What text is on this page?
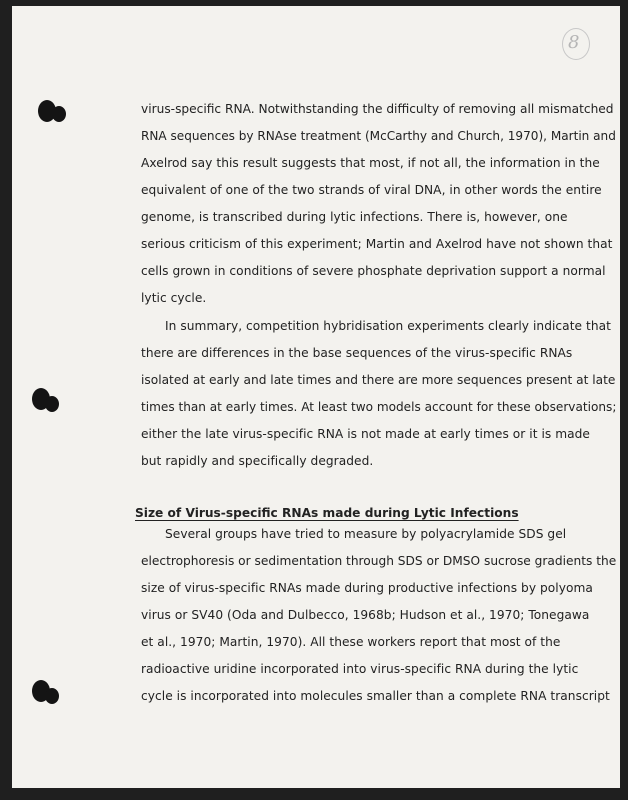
8

virus-specific RNA. Notwithstanding the difficulty of removing all mismatched

RNA sequences by RNAse treatment (McCarthy and Church, 1970), Martin and

Axelrod say this result suggests that most, if not all, the information in the

equivalent of one of the two strands of viral DNA, in other words the entire

genome, is transcribed during lytic infections. There is, however, one

serious criticism of this experiment; Martin and Axelrod have not shown that

cells grown in conditions of severe phosphate deprivation support a normal

lytic cycle.

In summary, competition hybridisation experiments clearly indicate that

there are differences in the base sequences of the virus-specific RNAs

isolated at early and late times and there are more sequences present at late

times than at early times. At least two models account for these observations;

either the late virus-specific RNA is not made at early times or it is made

but rapidly and specifically degraded.

Size of Virus-specific RNAs made during Lytic Infections

Several groups have tried to measure by polyacrylamide SDS gel

electrophoresis or sedimentation through SDS or DMSO sucrose gradients the

size of virus-specific RNAs made during productive infections by polyoma

virus or SV40 (Oda and Dulbecco, 1968b; Hudson et al., 1970; Tonegawa

et al., 1970; Martin, 1970). All these workers report that most of the

radioactive uridine incorporated into virus-specific RNA during the lytic

cycle is incorporated into molecules smaller than a complete RNA transcript
